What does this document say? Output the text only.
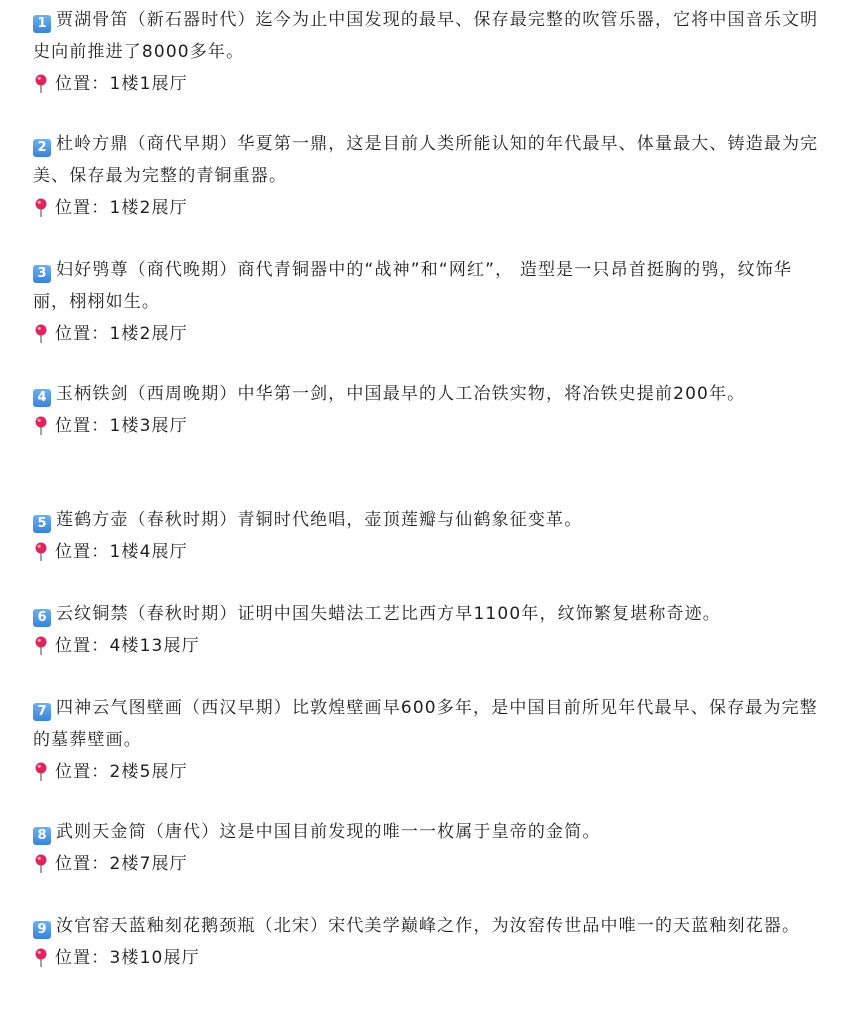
1 贾湖骨笛（新石器时代）迄今为止中国发现的最早、保存最完整的吹管乐器，它将中国音乐文明史向前推进了8000多年。

位置：1楼1展厅

2 杜岭方鼎（商代早期）华夏第一鼎，这是目前人类所能认知的年代最早、体量最大、铸造最为完美、保存最为完整的青铜重器。

位置：1楼2展厅

3 妇好鸮尊（商代晚期）商代青铜器中的“战神”和“网红”， 造型是一只昂首挺胸的鸮，纹饰华丽，栩栩如生。

位置：1楼2展厅

4 玉柄铁剑（西周晚期）中华第一剑，中国最早的人工冶铁实物，将冶铁史提前200年。

位置：1楼3展厅

5 莲鹤方壶（春秋时期）青铜时代绝唱，壶顶莲瓣与仙鹤象征变革。

位置：1楼4展厅

6 云纹铜禁（春秋时期）证明中国失蜡法工艺比西方早1100年，纹饰繁复堪称奇迹。

位置：4楼13展厅

7 四神云气图壁画（西汉早期）比敦煌壁画早600多年，是中国目前所见年代最早、保存最为完整的墓葬壁画。

位置：2楼5展厅

8 武则天金简（唐代）这是中国目前发现的唯一一枚属于皇帝的金简。

位置：2楼7展厅

9 汝官窑天蓝釉刻花鹅颈瓶（北宋）宋代美学巅峰之作，为汝窑传世品中唯一的天蓝釉刻花器。

位置：3楼10展厅
